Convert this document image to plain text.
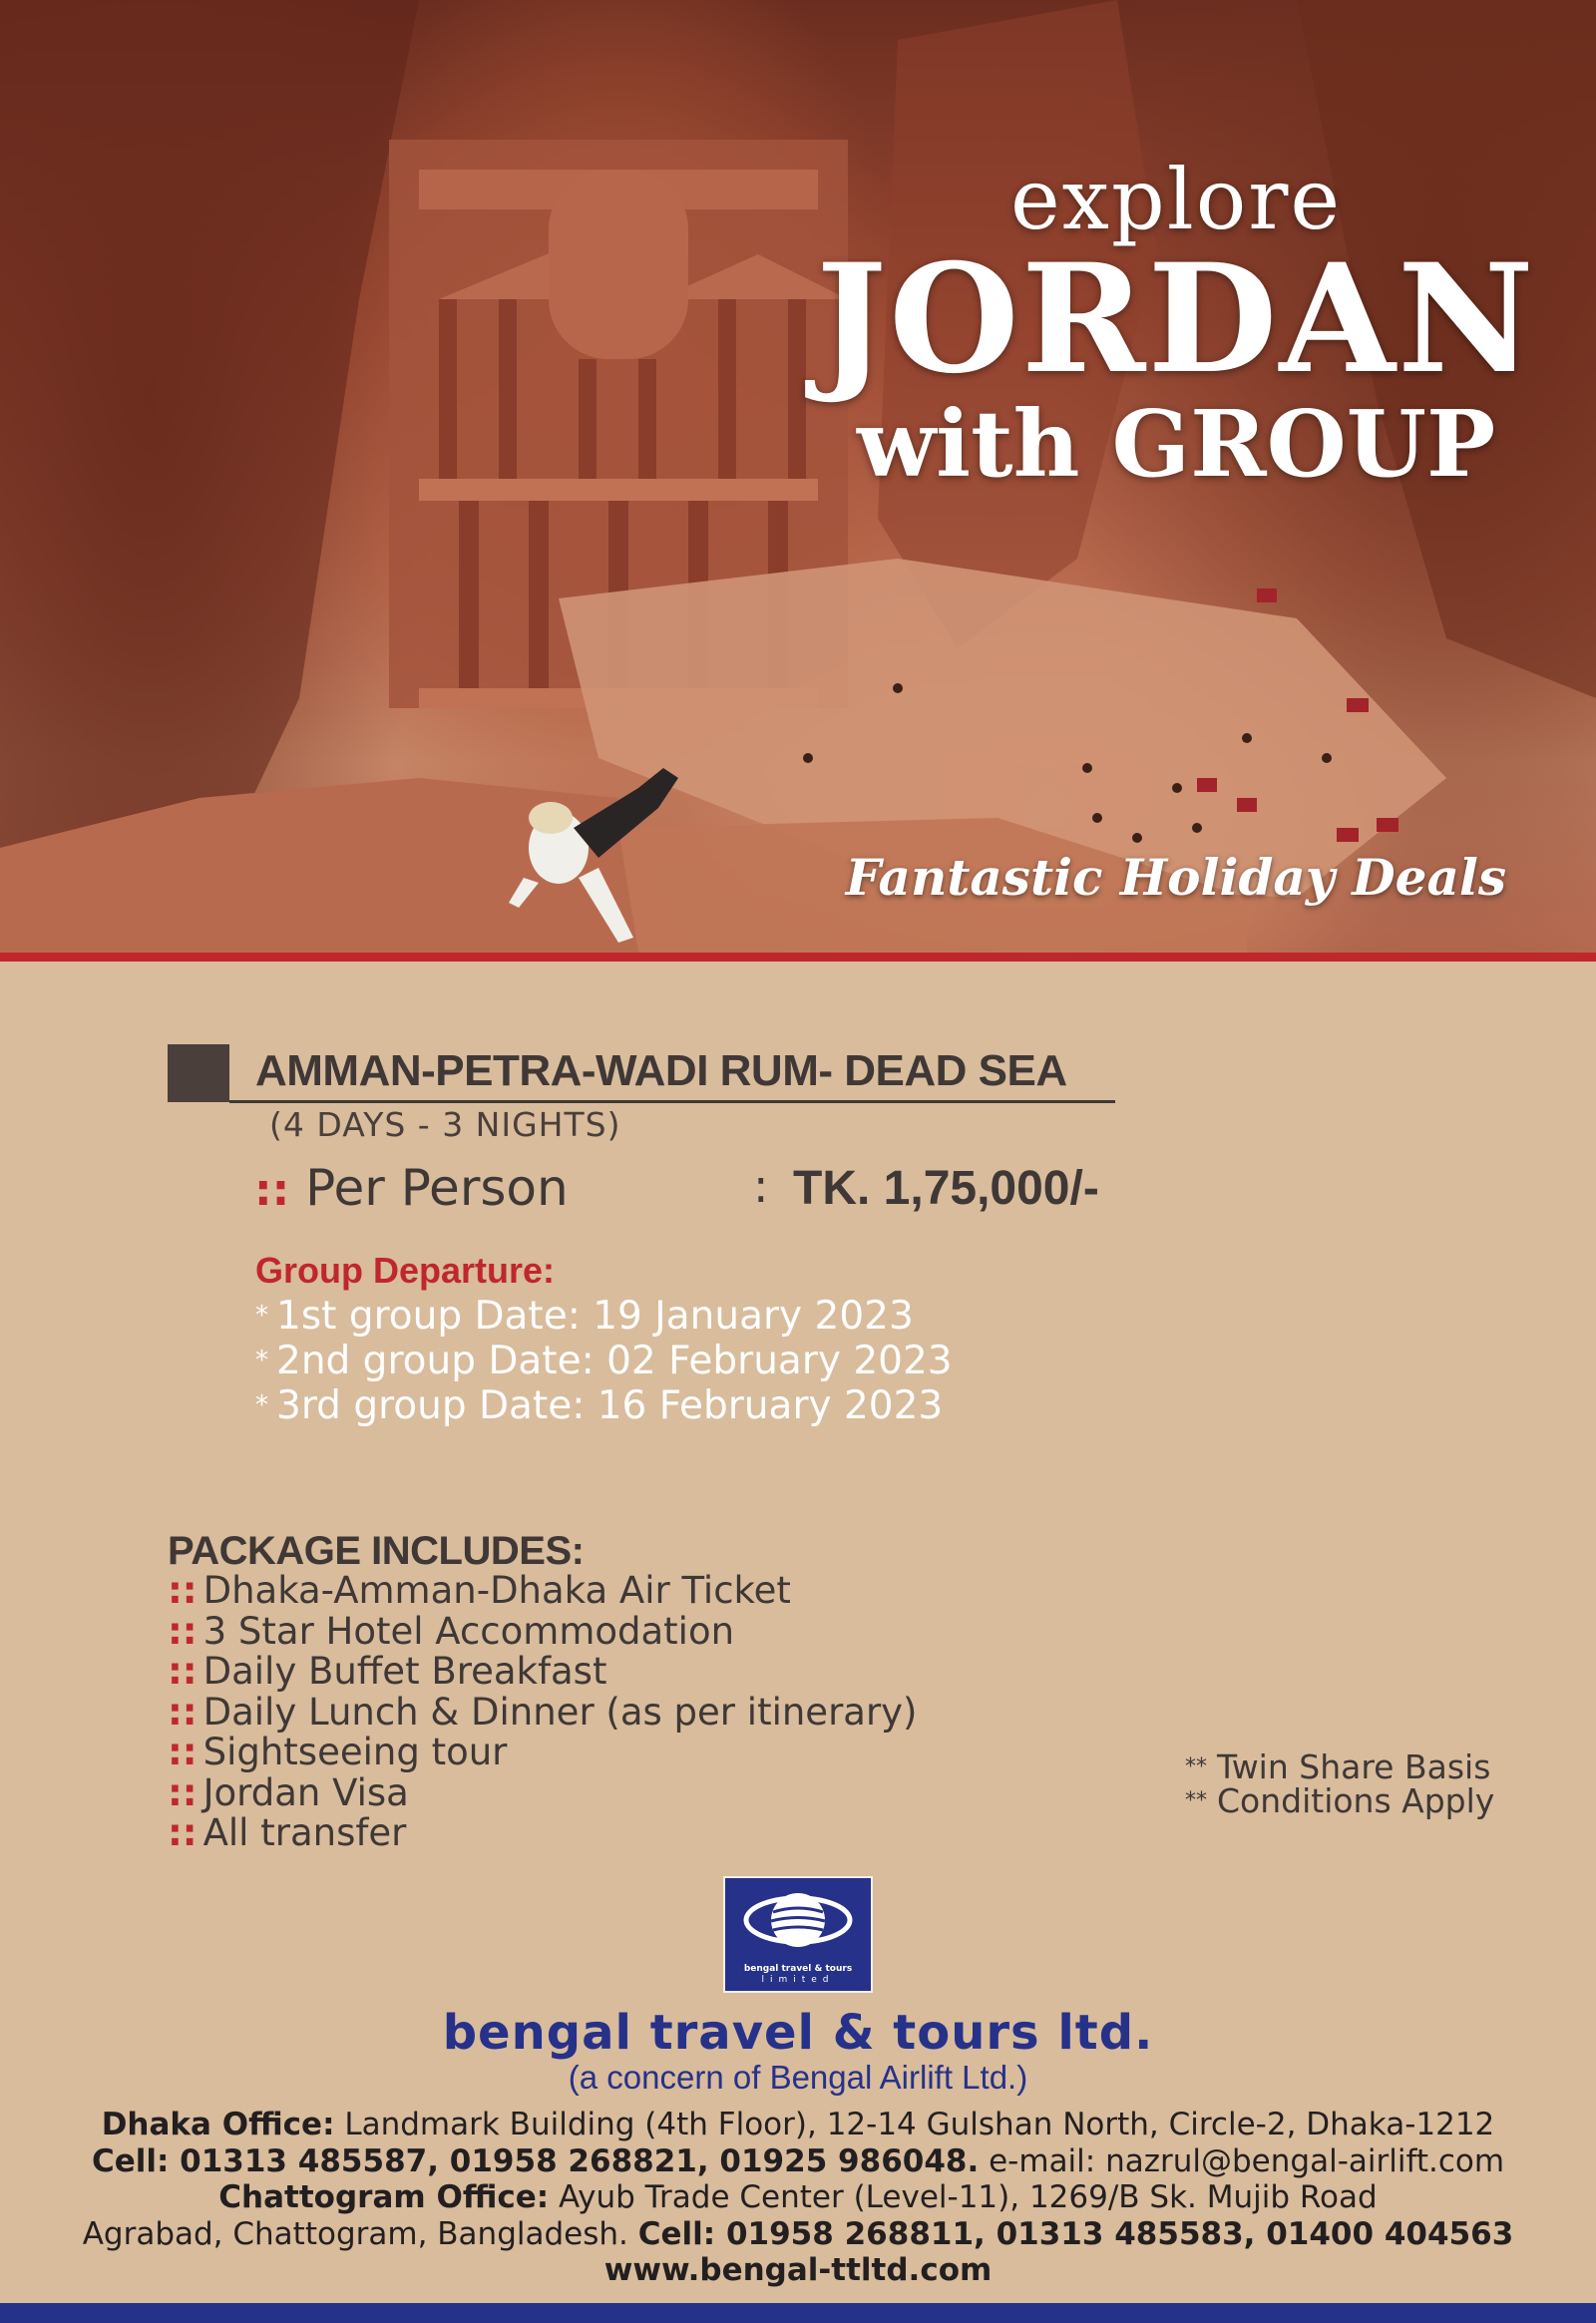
explore
JORDAN
with GROUP
Fantastic Holiday Deals
AMMAN-PETRA-WADI RUM- DEAD SEA
(4 DAYS - 3 NIGHTS)
:: Per Person	: TK. 1,75,000/-
Group Departure:
* 1st group Date: 19 January 2023
* 2nd group Date: 02 February 2023
* 3rd group Date: 16 February 2023
PACKAGE INCLUDES:
:: Dhaka-Amman-Dhaka Air Ticket
:: 3 Star Hotel Accommodation
:: Daily Buffet Breakfast
:: Daily Lunch & Dinner (as per itinerary)
:: Sightseeing tour
:: Jordan Visa
:: All transfer
** Twin Share Basis
** Conditions Apply
bengal travel & tours
limited
bengal travel & tours ltd.
(a concern of Bengal Airlift Ltd.)
Dhaka Office: Landmark Building (4th Floor), 12-14 Gulshan North, Circle-2, Dhaka-1212
Cell: 01313 485587, 01958 268821, 01925 986048. e-mail: nazrul@bengal-airlift.com
Chattogram Office: Ayub Trade Center (Level-11), 1269/B Sk. Mujib Road
Agrabad, Chattogram, Bangladesh. Cell: 01958 268811, 01313 485583, 01400 404563
www.bengal-ttltd.com
